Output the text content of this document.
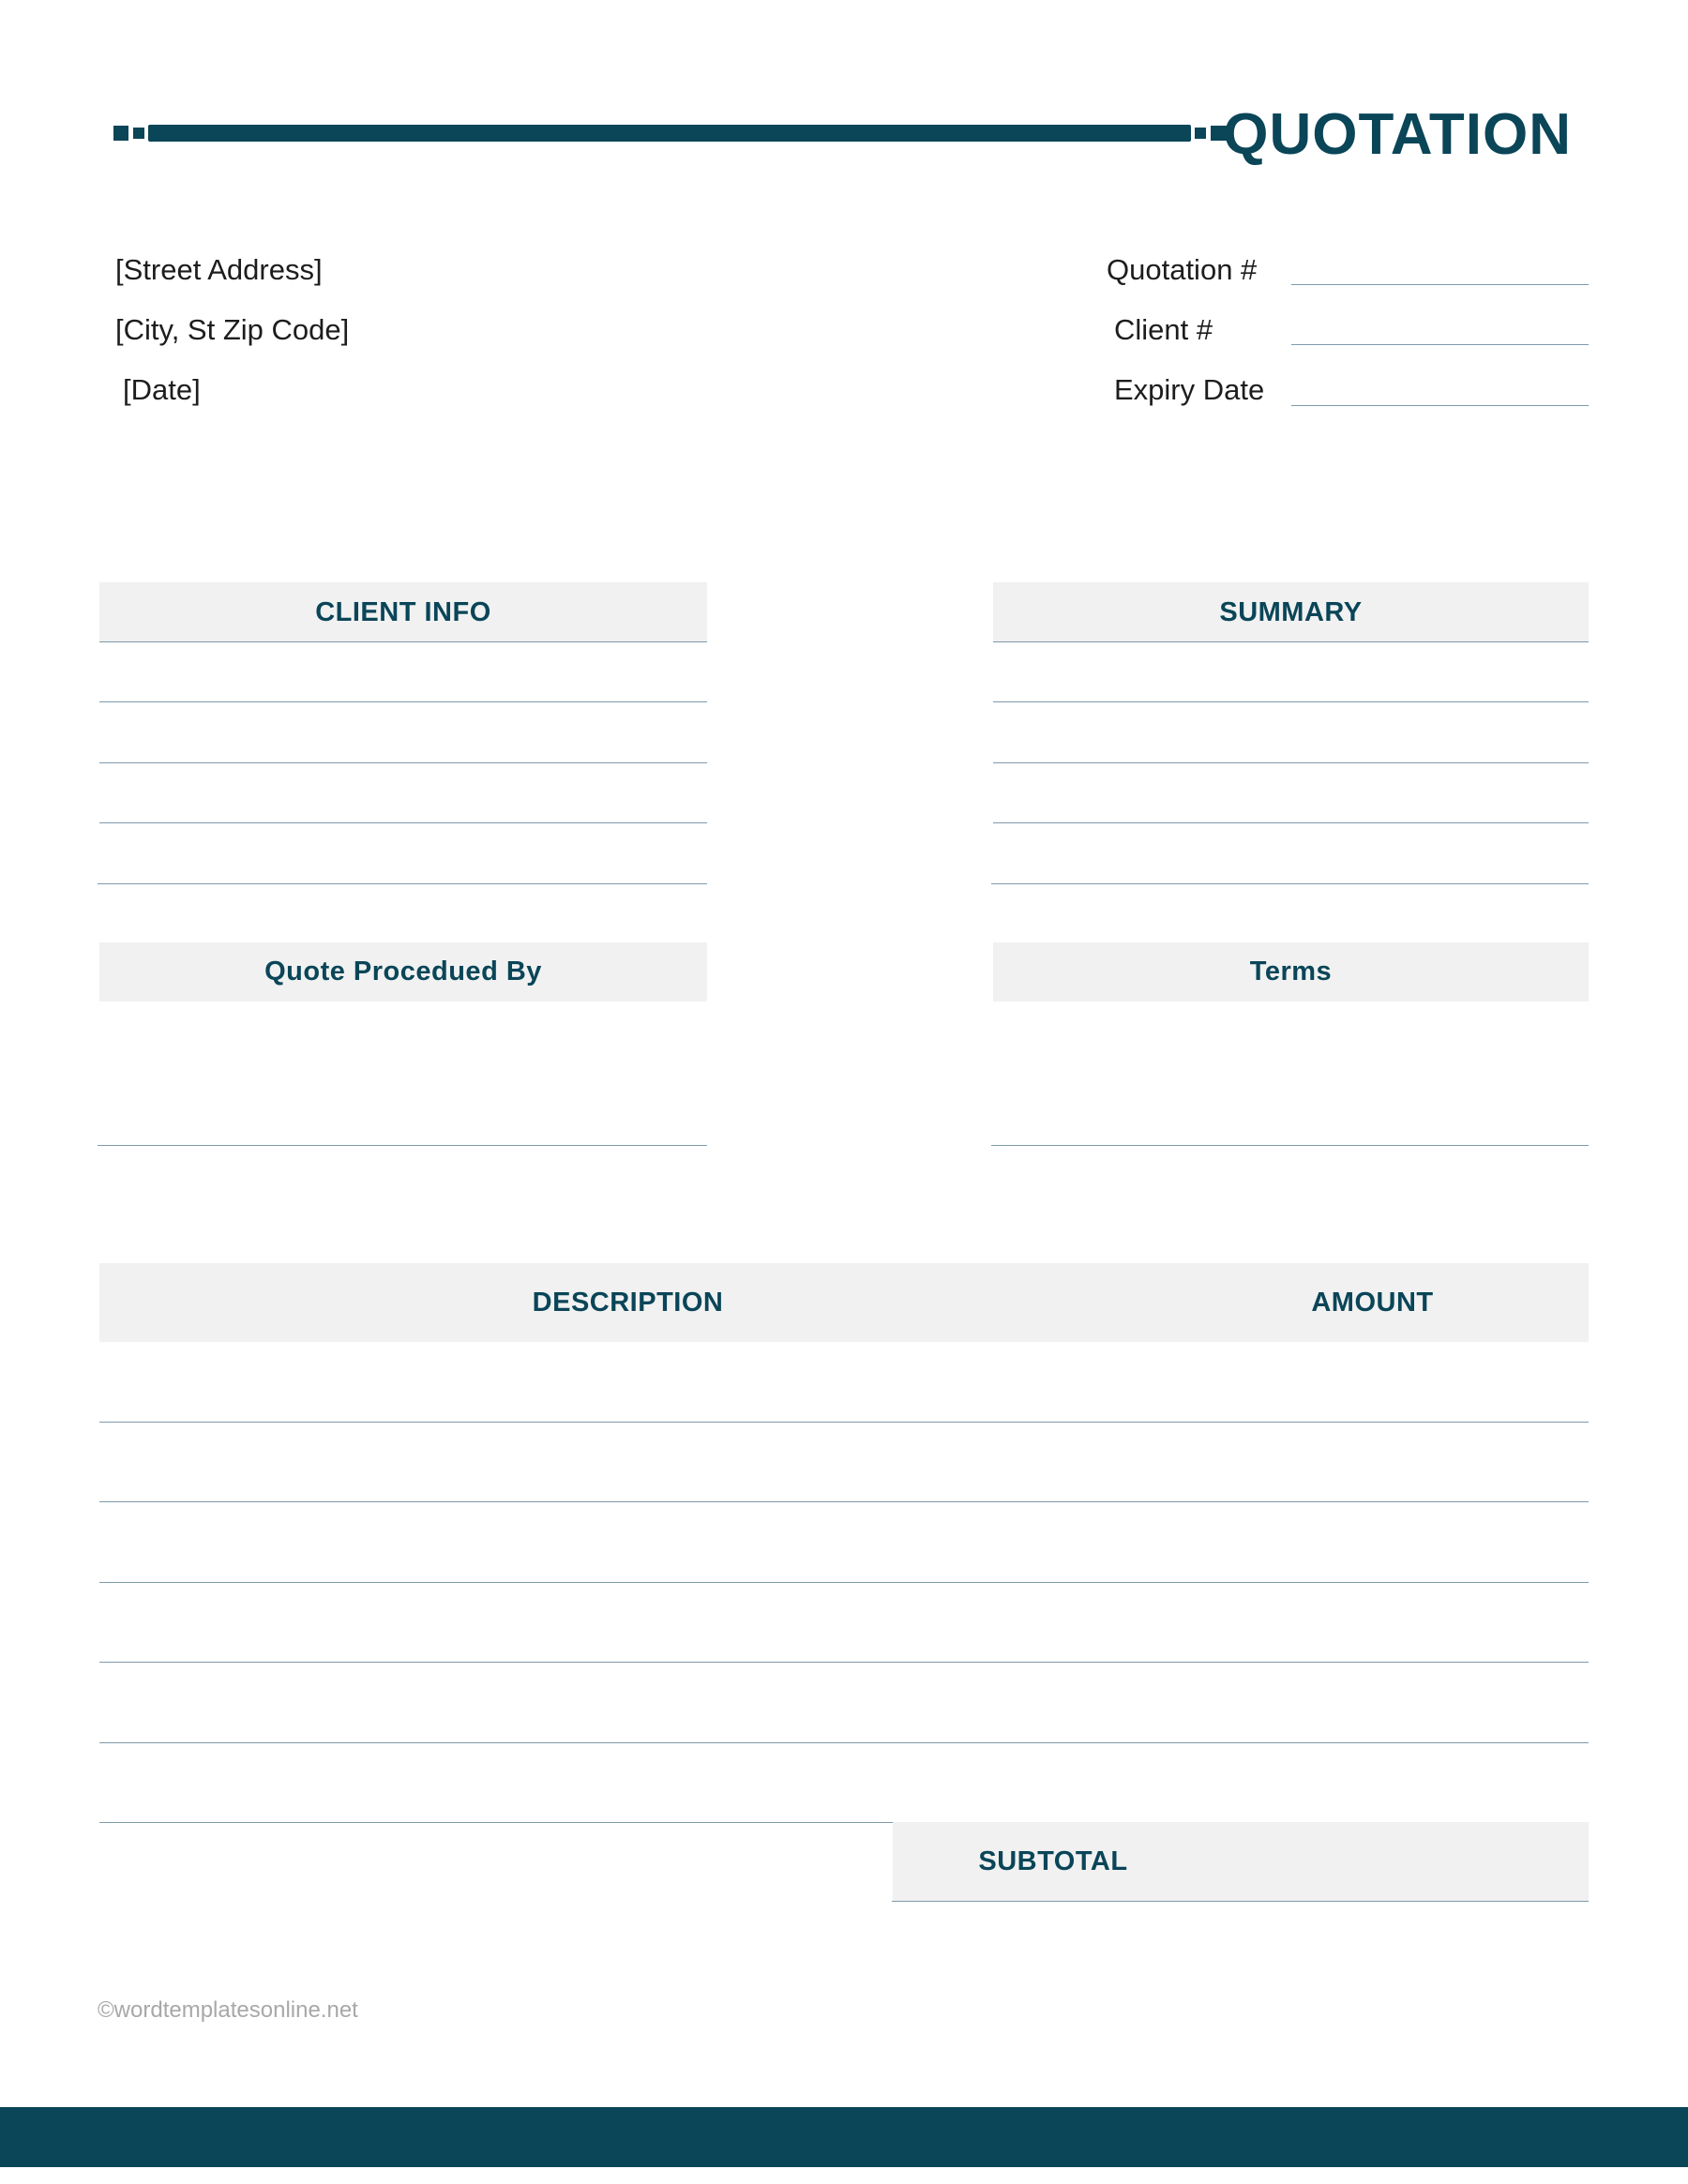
QUOTATION
[Street Address]
[City, St Zip Code]
[Date]
Quotation #
Client #
Expiry Date
CLIENT INFO	SUMMARY
Quote Procedued By	Terms
DESCRIPTION	AMOUNT
SUBTOTAL
©wordtemplatesonline.net
